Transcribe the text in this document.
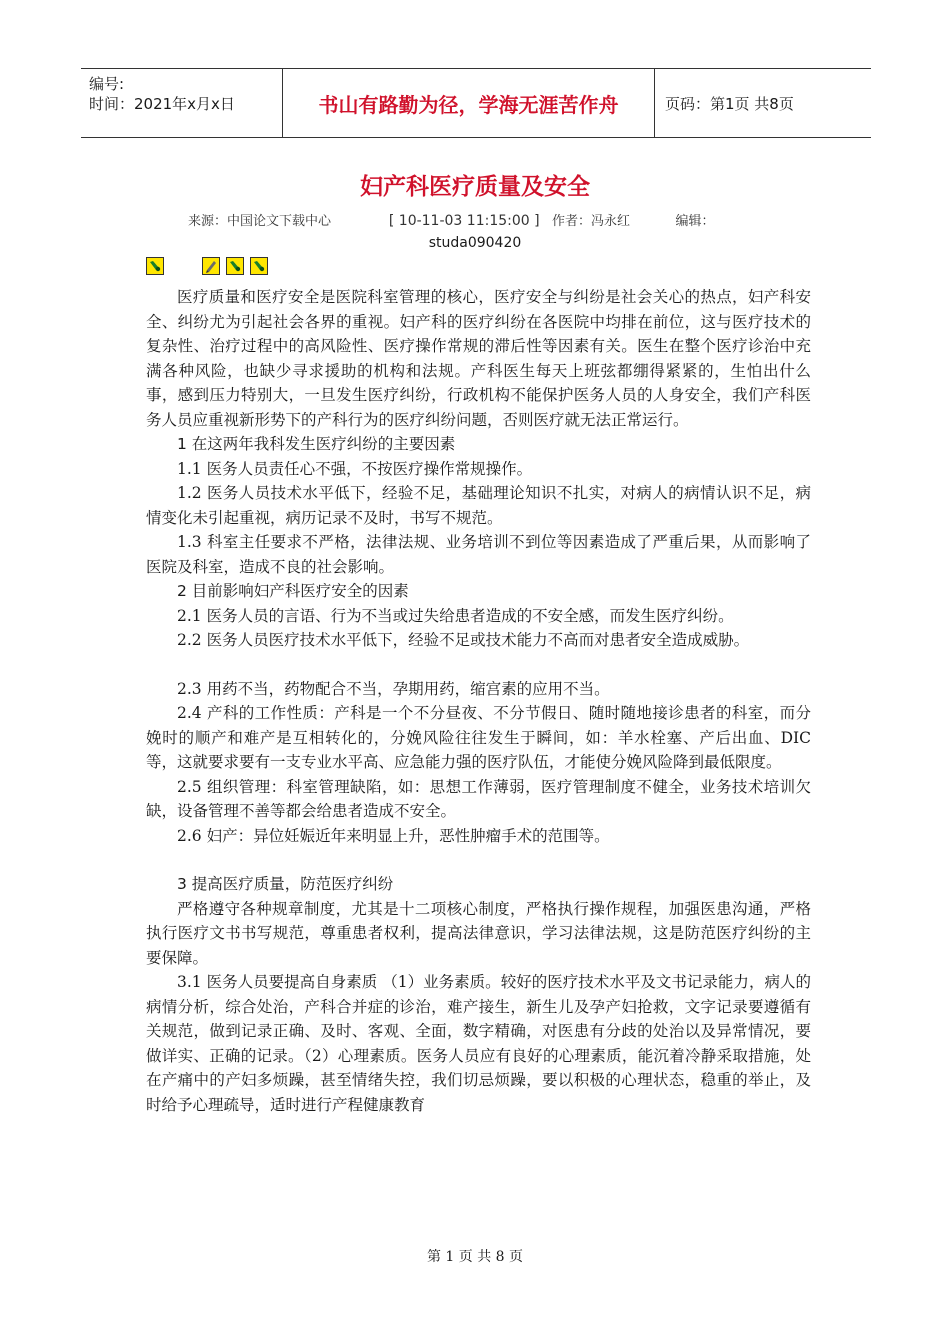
编号:
时间：2021年x月x日	书山有路勤为径，学海无涯苦作舟	页码：第1页 共8页
妇产科医疗质量及安全
来源：中国论文下载中心	[ 10-11-03 11:15:00 ] 作者：冯永红	编辑：
studa090420

医疗质量和医疗安全是医院科室管理的核心，医疗安全与纠纷是社会关心的热点，妇产科安全、纠纷尤为引起社会各界的重视。妇产科的医疗纠纷在各医院中均排在前位，这与医疗技术的复杂性、治疗过程中的高风险性、医疗操作常规的滞后性等因素有关。医生在整个医疗诊治中充满各种风险，也缺少寻求援助的机构和法规。产科医生每天上班弦都绷得紧紧的，生怕出什么事，感到压力特别大，一旦发生医疗纠纷，行政机构不能保护医务人员的人身安全，我们产科医务人员应重视新形势下的产科行为的医疗纠纷问题，否则医疗就无法正常运行。

1 在这两年我科发生医疗纠纷的主要因素

1.1 医务人员责任心不强，不按医疗操作常规操作。

1.2 医务人员技术水平低下，经验不足，基础理论知识不扎实，对病人的病情认识不足，病情变化未引起重视，病历记录不及时，书写不规范。

1.3 科室主任要求不严格，法律法规、业务培训不到位等因素造成了严重后果，从而影响了医院及科室，造成不良的社会影响。

2 目前影响妇产科医疗安全的因素

2.1 医务人员的言语、行为不当或过失给患者造成的不安全感，而发生医疗纠纷。

2.2 医务人员医疗技术水平低下，经验不足或技术能力不高而对患者安全造成威胁。

2.3 用药不当，药物配合不当，孕期用药，缩宫素的应用不当。

2.4 产科的工作性质：产科是一个不分昼夜、不分节假日、随时随地接诊患者的科室，而分娩时的顺产和难产是互相转化的，分娩风险往往发生于瞬间，如：羊水栓塞、产后出血、DIC等，这就要求要有一支专业水平高、应急能力强的医疗队伍，才能使分娩风险降到最低限度。

2.5 组织管理：科室管理缺陷，如：思想工作薄弱，医疗管理制度不健全，业务技术培训欠缺，设备管理不善等都会给患者造成不安全。

2.6 妇产：异位妊娠近年来明显上升，恶性肿瘤手术的范围等。

3 提高医疗质量，防范医疗纠纷

严格遵守各种规章制度，尤其是十二项核心制度，严格执行操作规程，加强医患沟通，严格执行医疗文书书写规范，尊重患者权利，提高法律意识，学习法律法规，这是防范医疗纠纷的主要保障。

3.1 医务人员要提高自身素质 （1）业务素质。较好的医疗技术水平及文书记录能力，病人的病情分析，综合处治，产科合并症的诊治，难产接生，新生儿及孕产妇抢救，文字记录要遵循有关规范，做到记录正确、及时、客观、全面，数字精确，对医患有分歧的处治以及异常情况，要做详实、正确的记录。（2）心理素质。医务人员应有良好的心理素质，能沉着冷静采取措施，处在产痛中的产妇多烦躁，甚至情绪失控，我们切忌烦躁，要以积极的心理状态，稳重的举止，及时给予心理疏导，适时进行产程健康教育

第 1 页 共 8 页
